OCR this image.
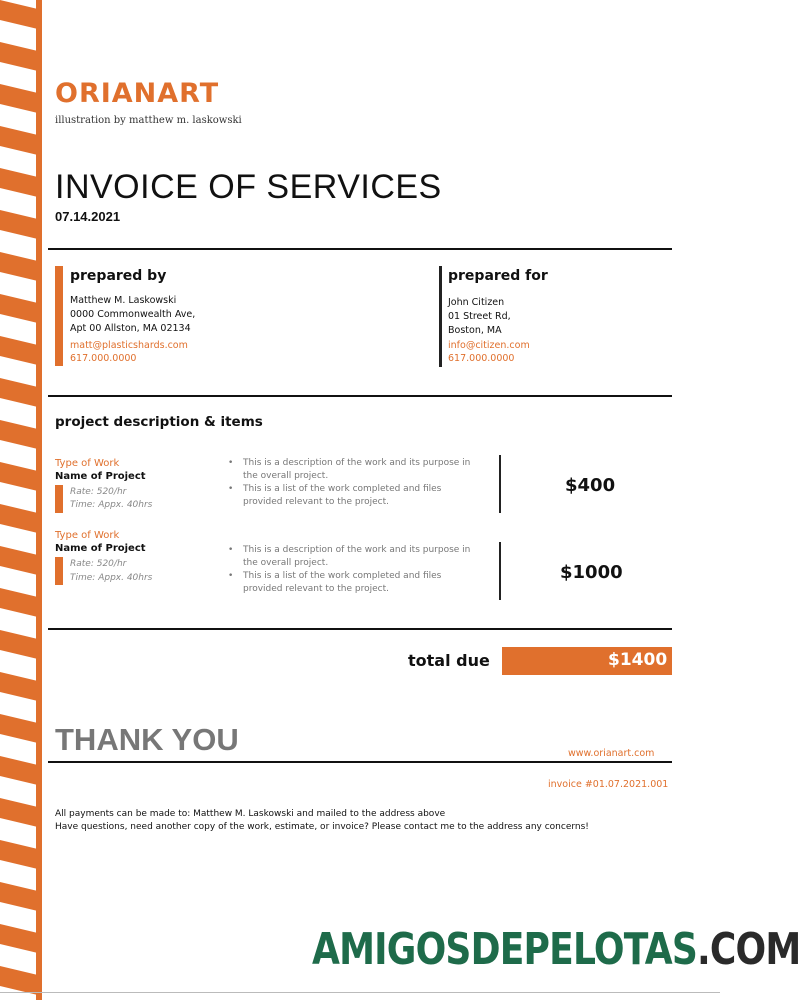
ORIANART
illustration by matthew m. laskowski
INVOICE OF SERVICES
07.14.2021
prepared by
Matthew M. Laskowski
0000 Commonwealth Ave,
Apt 00 Allston, MA 02134
matt@plasticshards.com
617.000.0000
prepared for
John Citizen
01 Street Rd,
Boston, MA
info@citizen.com
617.000.0000
project description & items
Type of Work
Name of Project
Rate: 520/hr
Time: Appx. 40hrs
• This is a description of the work and its purpose in the overall project.
• This is a list of the work completed and files provided relevant to the project.
$400
Type of Work
Name of Project
Rate: 520/hr
Time: Appx. 40hrs
• This is a description of the work and its purpose in the overall project.
• This is a list of the work completed and files provided relevant to the project.
$1000
total due	$1400
THANK YOU	www.orianart.com
invoice #01.07.2021.001
All payments can be made to: Matthew M. Laskowski and mailed to the address above
Have questions, need another copy of the work, estimate, or invoice? Please contact me to the address any concerns!
AMIGOSDEPELOTAS.COM
